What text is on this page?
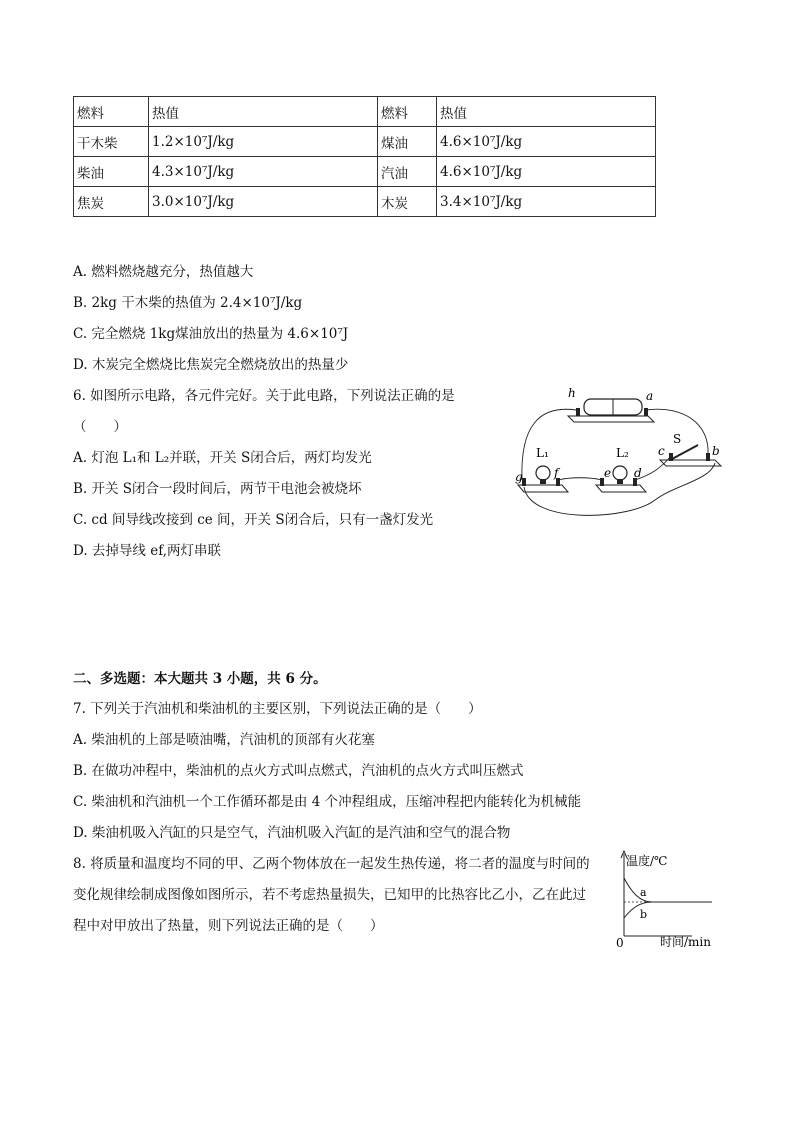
燃料	热值	燃料	热值
干木柴	1.2×10⁷J/kg	煤油	4.6×10⁷J/kg
柴油	4.3×10⁷J/kg	汽油	4.6×10⁷J/kg
焦炭	3.0×10⁷J/kg	木炭	3.4×10⁷J/kg
A. 燃料燃烧越充分，热值越大
B. 2kg 干木柴的热值为 2.4×10⁷J/kg
C. 完全燃烧 1kg煤油放出的热量为 4.6×10⁷J
D. 木炭完全燃烧比焦炭完全燃烧放出的热量少
6. 如图所示电路，各元件完好。关于此电路，下列说法正确的是
（　　）
A. 灯泡 L₁和 L₂并联，开关 S闭合后，两灯均发光
B. 开关 S闭合一段时间后，两节干电池会被烧坏
C. cd 间导线改接到 ce 间，开关 S闭合后，只有一盏灯发光
D. 去掉导线 ef,两灯串联
h	a
S
b
c
L₁	L₂
g	f	e d
二、多选题：本大题共 3 小题，共 6 分。
7. 下列关于汽油机和柴油机的主要区别，下列说法正确的是（　　）
A. 柴油机的上部是喷油嘴，汽油机的顶部有火花塞
B. 在做功冲程中，柴油机的点火方式叫点燃式，汽油机的点火方式叫压燃式
C. 柴油机和汽油机一个工作循环都是由 4 个冲程组成，压缩冲程把内能转化为机械能
D. 柴油机吸入汽缸的只是空气，汽油机吸入汽缸的是汽油和空气的混合物
8. 将质量和温度均不同的甲、乙两个物体放在一起发生热传递，将二者的温度与时间的
变化规律绘制成图像如图所示，若不考虑热量损失，已知甲的比热容比乙小，乙在此过
程中对甲放出了热量，则下列说法正确的是（　　）
温度/℃
0	时间/min
a
b
